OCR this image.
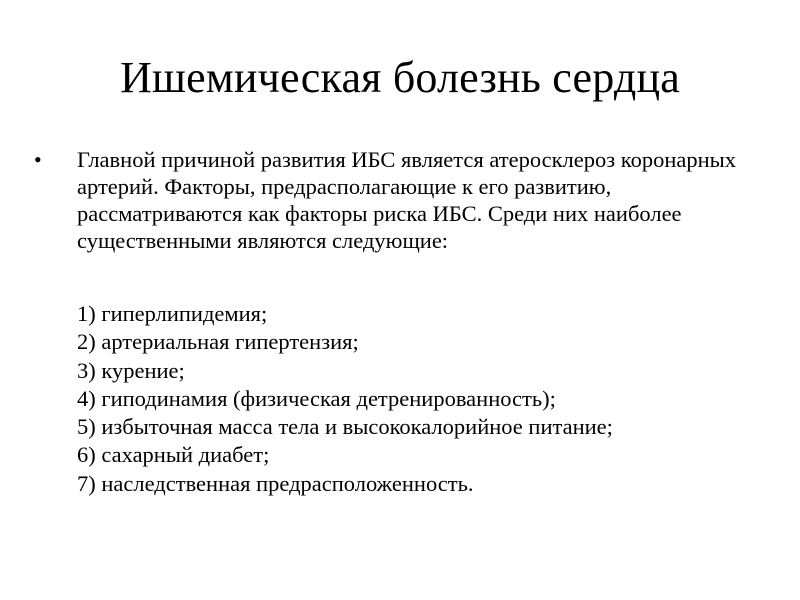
Ишемическая болезнь сердца
•	Главной причиной развития ИБС является атеросклероз коронарных артерий. Факторы, предрасполагающие к его развитию, рассматриваются как факторы риска ИБС. Среди них наиболее существенными являются следующие:

1) гиперлипидемия;
2) артериальная гипертензия;
3) курение;
4) гиподинамия (физическая детренированность);
5) избыточная масса тела и высококалорийное питание;
6) сахарный диабет;
7) наследственная предрасположенность.
